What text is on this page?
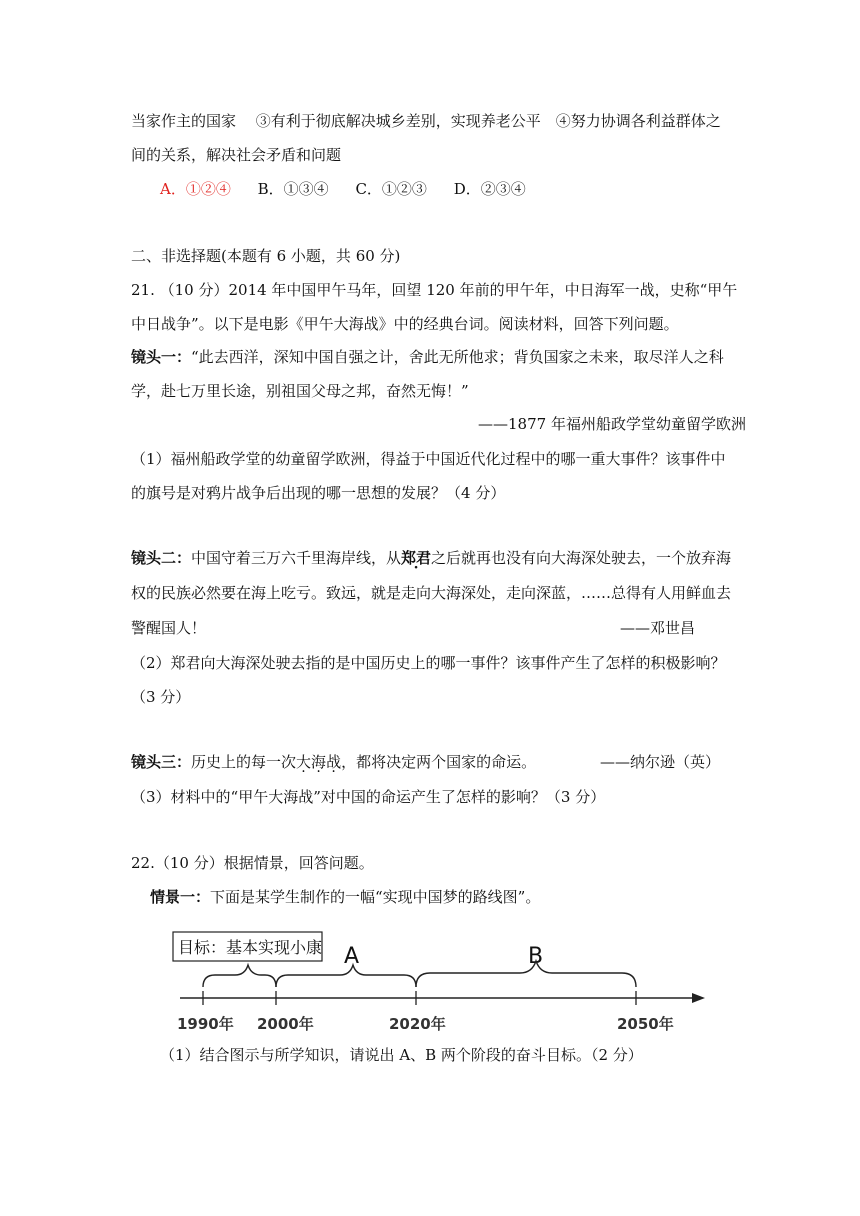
当家作主的国家　 ③有利于彻底解决城乡差别，实现养老公平　④努力协调各利益群体之
间的关系，解决社会矛盾和问题
A．①②④ B．①③④ C．①②③ D．②③④
二、非选择题(本题有 6 小题，共 60 分)
21. （10 分）2014 年中国甲午马年，回望 120 年前的甲午年，中日海军一战，史称“甲午
中日战争”。以下是电影《甲午大海战》中的经典台词。阅读材料，回答下列问题。
镜头一：“此去西洋，深知中国自强之计，舍此无所他求；背负国家之未来，取尽洋人之科
学，赴七万里长途，别祖国父母之邦，奋然无悔！”
——1877 年福州船政学堂幼童留学欧洲
（1）福州船政学堂的幼童留学欧洲，得益于中国近代化过程中的哪一重大事件？该事件中
的旗号是对鸦片战争后出现的哪一思想的发展？（4 分）
镜头二：中国守着三万六千里海岸线，从郑君之后就再也没有向大海深处驶去，一个放弃海
权的民族必然要在海上吃亏。致远，就是走向大海深处，走向深蓝，……总得有人用鲜血去
警醒国人！	——邓世昌
（2）郑君向大海深处驶去指的是中国历史上的哪一事件？该事件产生了怎样的积极影响？
（3 分）
镜头三：历史上的每一次大海战，都将决定两个国家的命运。	——纳尔逊（英）
（3）材料中的“甲午大海战”对中国的命运产生了怎样的影响？（3 分）
22.（10 分）根据情景，回答问题。
情景一：下面是某学生制作的一幅“实现中国梦的路线图”。
目标：基本实现小康 A	B
1990年 2000年	2020年	2050年
（1）结合图示与所学知识，请说出 A、B 两个阶段的奋斗目标。（2 分）
